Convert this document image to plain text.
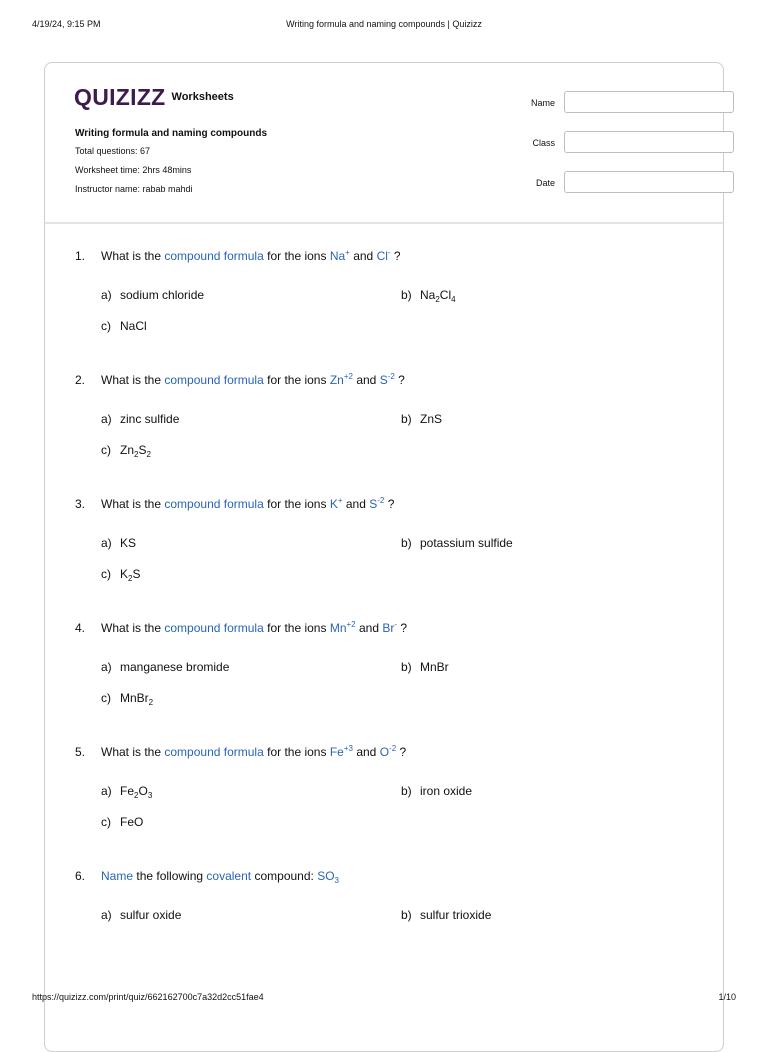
4/19/24, 9:15 PM	Writing formula and naming compounds | Quizizz
QUIZIZZ Worksheets
Writing formula and naming compounds
Total questions: 67
Worksheet time: 2hrs 48mins
Instructor name: rabab mahdi
Name
Class
Date
1. What is the compound formula for the ions Na+ and Cl- ?
a) sodium chloride	b) $Na_2Cl_4$
c) NaCl
2. What is the compound formula for the ions $Zn^{+2}$ and $S^{-2}$ ?
a) zinc sulfide	b) ZnS
c) $Zn_2S_2$
3. What is the compound formula for the ions K+ and $S^{-2}$ ?
a) KS	b) potassium sulfide
c) $K_2S$
4. What is the compound formula for the ions $Mn^{+2}$ and Br- ?
a) manganese bromide	b) MnBr
c) MnBr$_2$
5. What is the compound formula for the ions $Fe^{+3}$ and $O^{-2}$ ?
a) $Fe_2O_3$	b) iron oxide
c) FeO
6. Name the following covalent compound: $SO_3$
a) sulfur oxide	b) sulfur trioxide
https://quizizz.com/print/quiz/662162700c7a32d2cc51fae4	1/10
